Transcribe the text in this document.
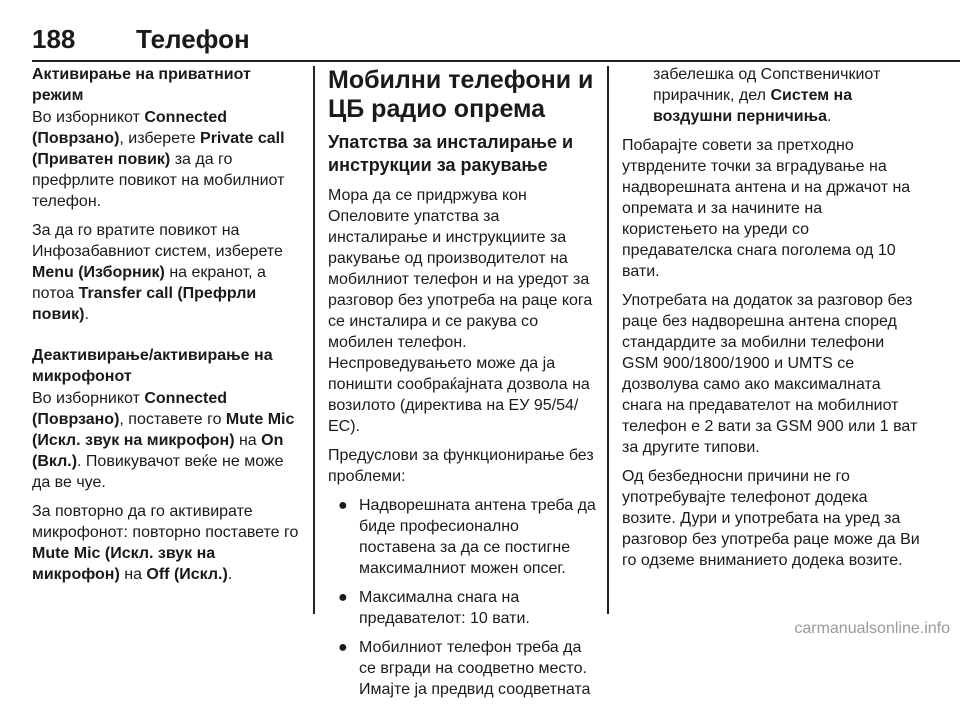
188 Телефон
Активирање на приватниот режим

Во изборникот Connected (Поврзано), изберете Private call (Приватен повик) за да го префрлите повикот на мобилниот телефон.

За да го вратите повикот на Инфозабавниот систем, изберете Menu (Изборник) на екранот, а потоа Transfer call (Префрли повик).

Деактивирање/активирање на микрофонот

Во изборникот Connected (Поврзано), поставете го Mute Mic (Искл. звук на микрофон) на On (Вкл.). Повикувачот веќе не може да ве чуе.

За повторно да го активирате микрофонот: повторно поставете го Mute Mic (Искл. звук на микрофон) на Off (Искл.).

Мобилни телефони и ЦБ радио опрема
Упатства за инсталирање и инструкции за ракување

Мора да се придржува кон Опеловите упатства за инсталирање и инструкциите за ракување од производителот на мобилниот телефон и на уредот за разговор без употреба на раце кога се инсталира и се ракува со мобилен телефон.

Неспроведувањето може да ја поништи сообраќајната дозвола на возилото (директива на ЕУ 95/54/ЕС).

Предуслови за функционирање без проблеми:

● Надворешната антена треба да биде професионално поставена за да се постигне максималниот можен опсег.
● Максимална снага на предавателот: 10 вати.
● Мобилниот телефон треба да се вгради на соодветно место. Имајте ја предвид соодветната

забелешка од Сопственичкиот прирачник, дел Систем на воздушни перничиња.

Побарајте совети за претходно утврдените точки за вградување на надворешната антена и на држачот на опремата и за начините на користењето на уреди со предавателска снага поголема од 10 вати.

Употребата на додаток за разговор без раце без надворешна антена според стандардите за мобилни телефони GSM 900/1800/1900 и UMTS се дозволува само ако максималната снага на предавателот на мобилниот телефон е 2 вати за GSM 900 или 1 ват за другите типови.

Од безбедносни причини не го употребувајте телефонот додека возите. Дури и употребата на уред за разговор без употреба раце може да Ви го одземе вниманието додека возите.

carmanualsonline.info
